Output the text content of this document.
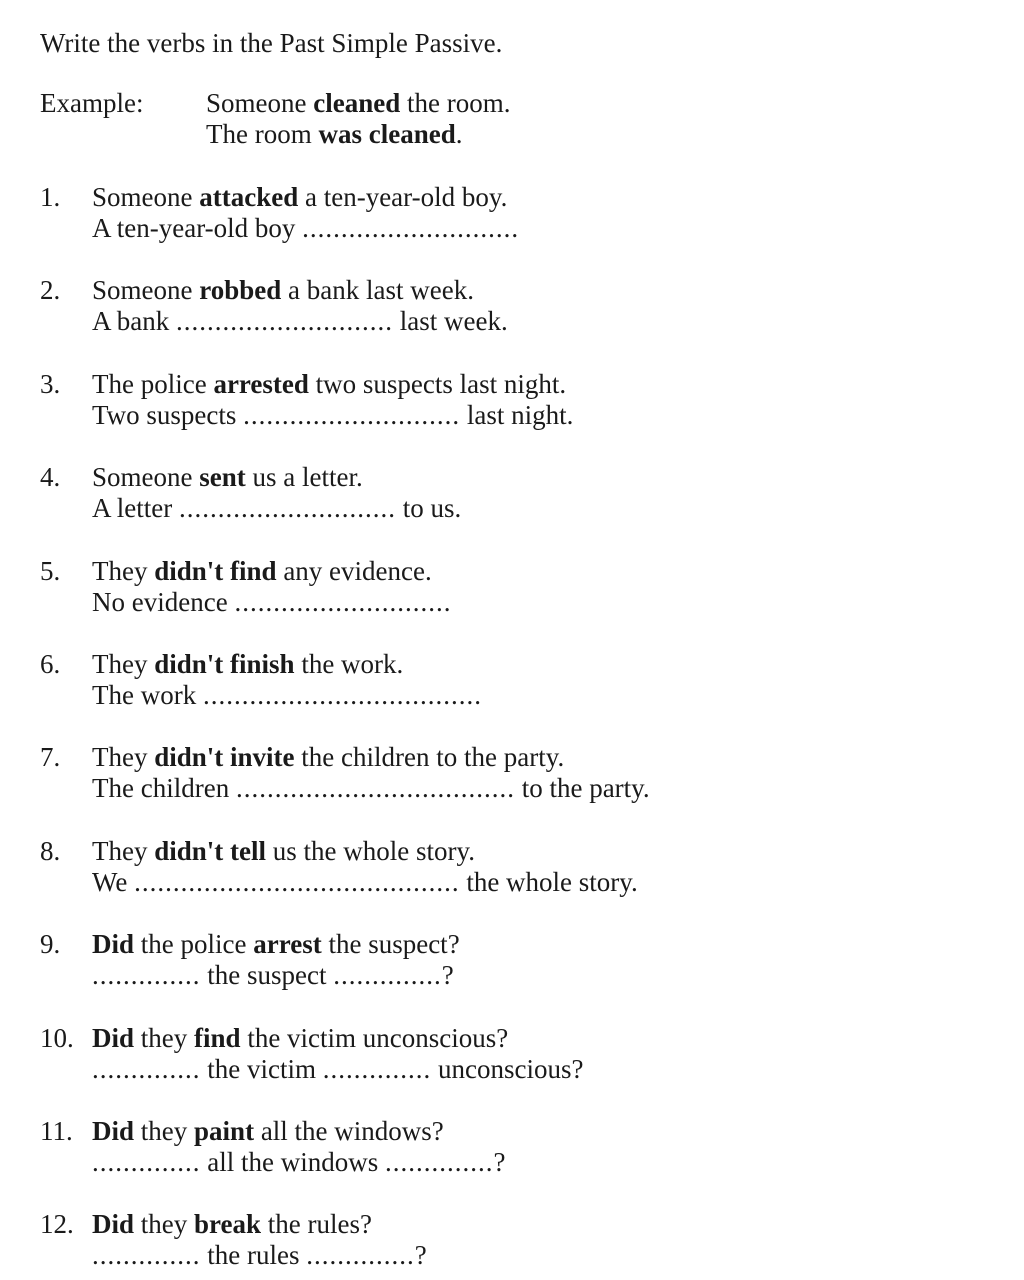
Write the verbs in the Past Simple Passive.
Example: Someone cleaned the room.
The room was cleaned.
1. Someone attacked a ten-year-old boy.
A ten-year-old boy ............................
2. Someone robbed a bank last week.
A bank ............................ last week.
3. The police arrested two suspects last night.
Two suspects ............................ last night.
4. Someone sent us a letter.
A letter ............................ to us.
5. They didn't find any evidence.
No evidence ............................
6. They didn't finish the work.
The work ....................................
7. They didn't invite the children to the party.
The children .................................... to the party.
8. They didn't tell us the whole story.
We .......................................... the whole story.
9. Did the police arrest the suspect?
.............. the suspect ..............?
10. Did they find the victim unconscious?
.............. the victim .............. unconscious?
11. Did they paint all the windows?
.............. all the windows ..............?
12. Did they break the rules?
.............. the rules ..............?
